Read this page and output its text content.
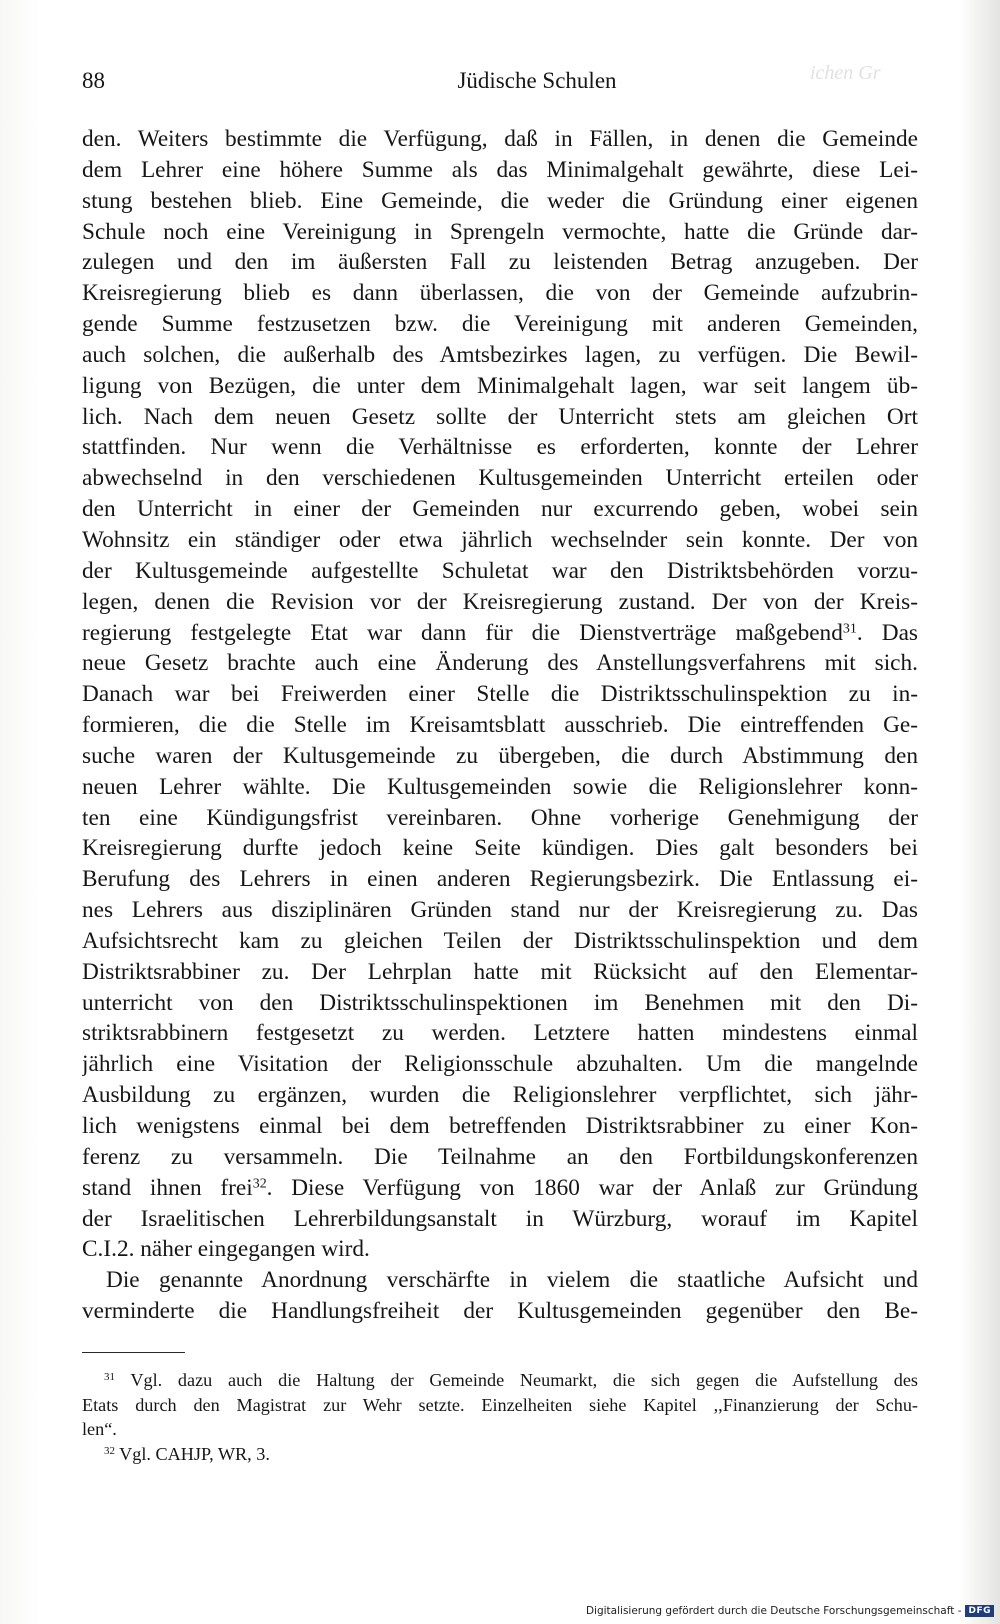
ichen Gr
88	Jüdische Schulen
den. Weiters bestimmte die Verfügung, daß in Fällen, in denen die Gemeinde
dem Lehrer eine höhere Summe als das Minimalgehalt gewährte, diese Lei-
stung bestehen blieb. Eine Gemeinde, die weder die Gründung einer eigenen
Schule noch eine Vereinigung in Sprengeln vermochte, hatte die Gründe dar-
zulegen und den im äußersten Fall zu leistenden Betrag anzugeben. Der
Kreisregierung blieb es dann überlassen, die von der Gemeinde aufzubrin-
gende Summe festzusetzen bzw. die Vereinigung mit anderen Gemeinden,
auch solchen, die außerhalb des Amtsbezirkes lagen, zu verfügen. Die Bewil-
ligung von Bezügen, die unter dem Minimalgehalt lagen, war seit langem üb-
lich. Nach dem neuen Gesetz sollte der Unterricht stets am gleichen Ort
stattfinden. Nur wenn die Verhältnisse es erforderten, konnte der Lehrer
abwechselnd in den verschiedenen Kultusgemeinden Unterricht erteilen oder
den Unterricht in einer der Gemeinden nur excurrendo geben, wobei sein
Wohnsitz ein ständiger oder etwa jährlich wechselnder sein konnte. Der von
der Kultusgemeinde aufgestellte Schuletat war den Distriktsbehörden vorzu-
legen, denen die Revision vor der Kreisregierung zustand. Der von der Kreis-
regierung festgelegte Etat war dann für die Dienstverträge maßgebend$^{31}$. Das
neue Gesetz brachte auch eine Änderung des Anstellungsverfahrens mit sich.
Danach war bei Freiwerden einer Stelle die Distriktsschulinspektion zu in-
formieren, die die Stelle im Kreisamtsblatt ausschrieb. Die eintreffenden Ge-
suche waren der Kultusgemeinde zu übergeben, die durch Abstimmung den
neuen Lehrer wählte. Die Kultusgemeinden sowie die Religionslehrer konn-
ten eine Kündigungsfrist vereinbaren. Ohne vorherige Genehmigung der
Kreisregierung durfte jedoch keine Seite kündigen. Dies galt besonders bei
Berufung des Lehrers in einen anderen Regierungsbezirk. Die Entlassung ei-
nes Lehrers aus disziplinären Gründen stand nur der Kreisregierung zu. Das
Aufsichtsrecht kam zu gleichen Teilen der Distriktsschulinspektion und dem
Distriktsrabbiner zu. Der Lehrplan hatte mit Rücksicht auf den Elementar-
unterricht von den Distriktsschulinspektionen im Benehmen mit den Di-
striktsrabbinern festgesetzt zu werden. Letztere hatten mindestens einmal
jährlich eine Visitation der Religionsschule abzuhalten. Um die mangelnde
Ausbildung zu ergänzen, wurden die Religionslehrer verpflichtet, sich jähr-
lich wenigstens einmal bei dem betreffenden Distriktsrabbiner zu einer Kon-
ferenz zu versammeln. Die Teilnahme an den Fortbildungskonferenzen
stand ihnen frei$^{32}$. Diese Verfügung von 1860 war der Anlaß zur Gründung
der Israelitischen Lehrerbildungsanstalt in Würzburg, worauf im Kapitel
C.I.2. näher eingegangen wird.
Die genannte Anordnung verschärfte in vielem die staatliche Aufsicht und
verminderte die Handlungsfreiheit der Kultusgemeinden gegenüber den Be-
$^{31}$ Vgl. dazu auch die Haltung der Gemeinde Neumarkt, die sich gegen die Aufstellung des
Etats durch den Magistrat zur Wehr setzte. Einzelheiten siehe Kapitel ,,Finanzierung der Schu-
len“.
$^{32}$ Vgl. CAHJP, WR, 3.
Digitalisierung gefördert durch die Deutsche Forschungsgemeinschaft - DFG
